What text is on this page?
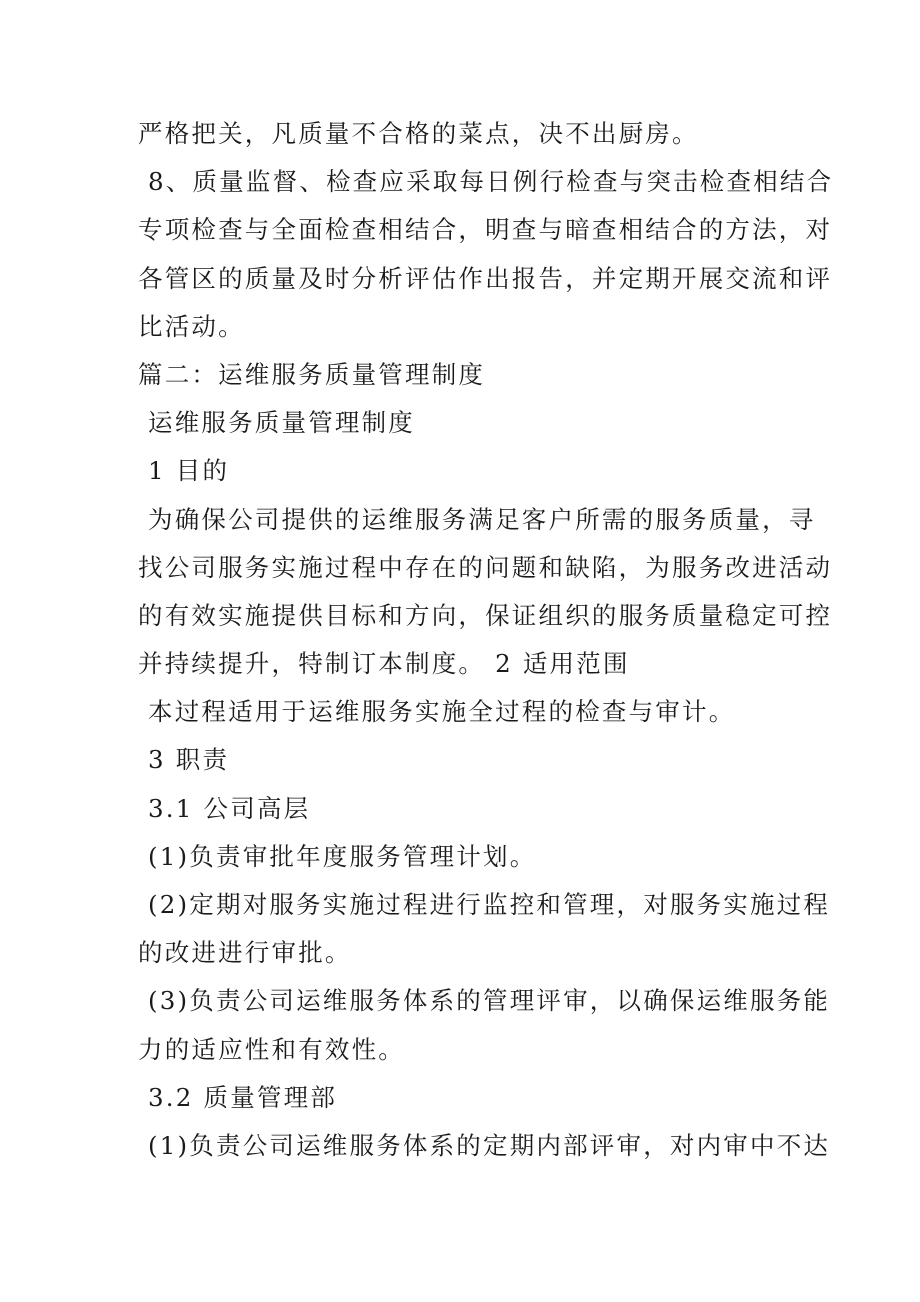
严格把关，凡质量不合格的菜点，决不出厨房。
8、质量监督、检查应采取每日例行检查与突击检查相结合
专项检查与全面检查相结合，明查与暗查相结合的方法，对
各管区的质量及时分析评估作出报告，并定期开展交流和评
比活动。
篇二：运维服务质量管理制度
运维服务质量管理制度
1 目的
为确保公司提供的运维服务满足客户所需的服务质量，寻
找公司服务实施过程中存在的问题和缺陷，为服务改进活动
的有效实施提供目标和方向，保证组织的服务质量稳定可控
并持续提升，特制订本制度。 2 适用范围
本过程适用于运维服务实施全过程的检查与审计。
3 职责
3.1 公司高层
(1)负责审批年度服务管理计划。
(2)定期对服务实施过程进行监控和管理，对服务实施过程
的改进进行审批。
(3)负责公司运维服务体系的管理评审，以确保运维服务能
力的适应性和有效性。
3.2 质量管理部
(1)负责公司运维服务体系的定期内部评审，对内审中不达
